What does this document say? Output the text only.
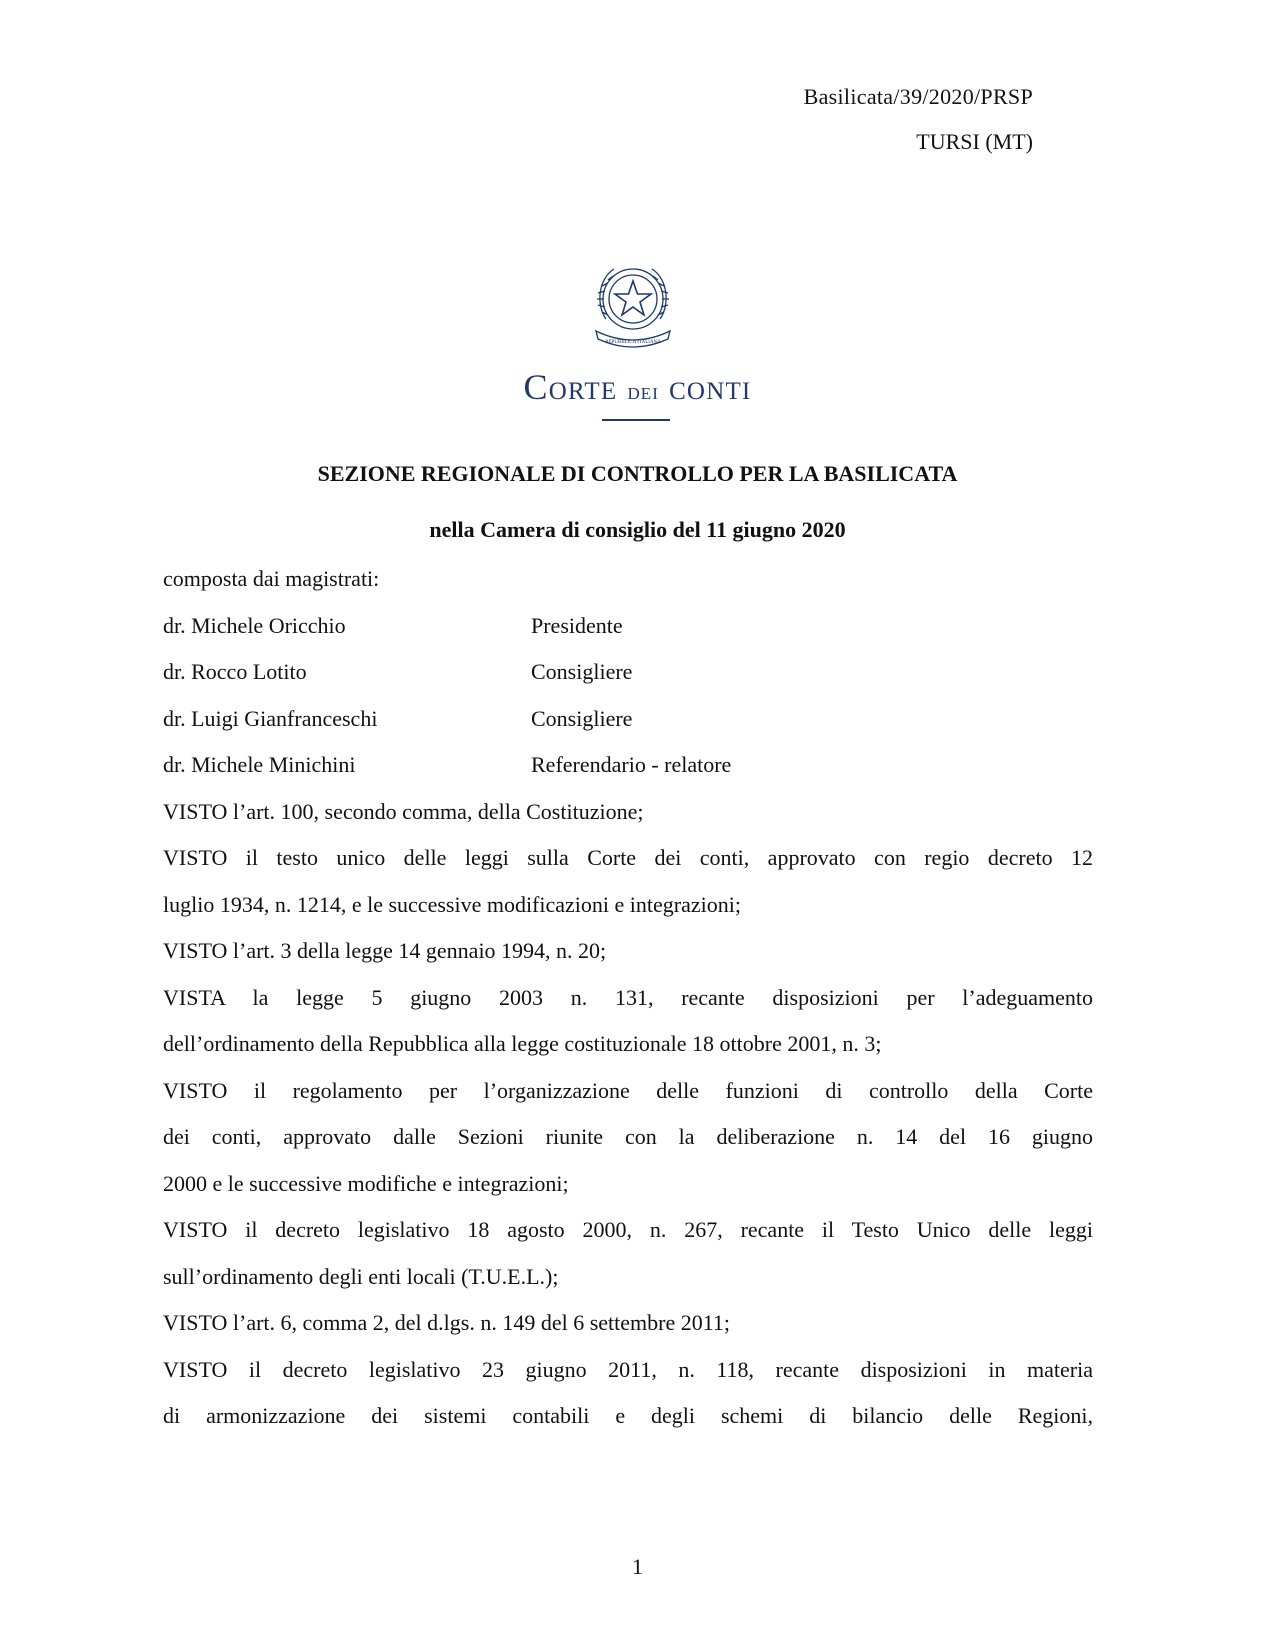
Basilicata/39/2020/PRSP
TURSI (MT)
REPUBBLICA ITALIANA
Corte dei conti
SEZIONE REGIONALE DI CONTROLLO PER LA BASILICATA
nella Camera di consiglio del 11 giugno 2020
composta dai magistrati:
dr. Michele Oricchio	Presidente
dr. Rocco Lotito	Consigliere
dr. Luigi Gianfranceschi	Consigliere
dr. Michele Minichini	Referendario - relatore
VISTO l’art. 100, secondo comma, della Costituzione;
VISTO il testo unico delle leggi sulla Corte dei conti, approvato con regio decreto 12
luglio 1934, n. 1214, e le successive modificazioni e integrazioni;
VISTO l’art. 3 della legge 14 gennaio 1994, n. 20;
VISTA la legge 5 giugno 2003 n. 131, recante disposizioni per l’adeguamento
dell’ordinamento della Repubblica alla legge costituzionale 18 ottobre 2001, n. 3;
VISTO il regolamento per l’organizzazione delle funzioni di controllo della Corte
dei conti, approvato dalle Sezioni riunite con la deliberazione n. 14 del 16 giugno
2000 e le successive modifiche e integrazioni;
VISTO il decreto legislativo 18 agosto 2000, n. 267, recante il Testo Unico delle leggi
sull’ordinamento degli enti locali (T.U.E.L.);
VISTO l’art. 6, comma 2, del d.lgs. n. 149 del 6 settembre 2011;
VISTO il decreto legislativo 23 giugno 2011, n. 118, recante disposizioni in materia
di armonizzazione dei sistemi contabili e degli schemi di bilancio delle Regioni,
1
